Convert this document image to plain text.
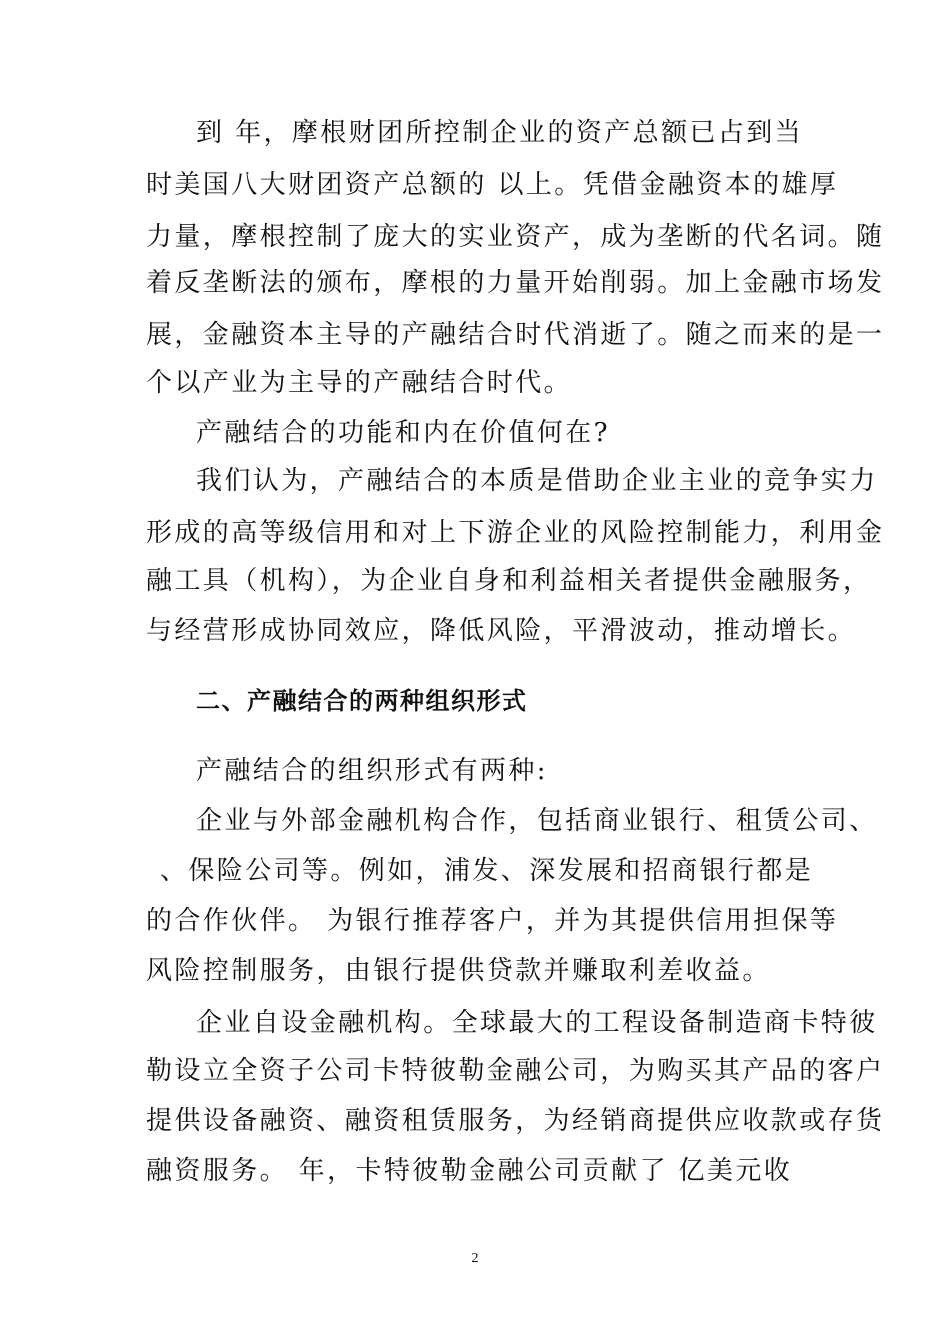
到 年，摩根财团所控制企业的资产总额已占到当
时美国八大财团资产总额的 以上。凭借金融资本的雄厚
力量，摩根控制了庞大的实业资产，成为垄断的代名词。随
着反垄断法的颁布，摩根的力量开始削弱。加上金融市场发
展，金融资本主导的产融结合时代消逝了。随之而来的是一
个以产业为主导的产融结合时代。
产融结合的功能和内在价值何在?
我们认为，产融结合的本质是借助企业主业的竞争实力
形成的高等级信用和对上下游企业的风险控制能力，利用金
融工具（机构），为企业自身和利益相关者提供金融服务，
与经营形成协同效应，降低风险，平滑波动，推动增长。
二、产融结合的两种组织形式
产融结合的组织形式有两种:
企业与外部金融机构合作，包括商业银行、租赁公司、
、保险公司等。例如，浦发、深发展和招商银行都是
的合作伙伴。 为银行推荐客户，并为其提供信用担保等
风险控制服务，由银行提供贷款并赚取利差收益。
企业自设金融机构。全球最大的工程设备制造商卡特彼
勒设立全资子公司卡特彼勒金融公司，为购买其产品的客户
提供设备融资、融资租赁服务，为经销商提供应收款或存货
融资服务。 年，卡特彼勒金融公司贡献了 亿美元收
2
